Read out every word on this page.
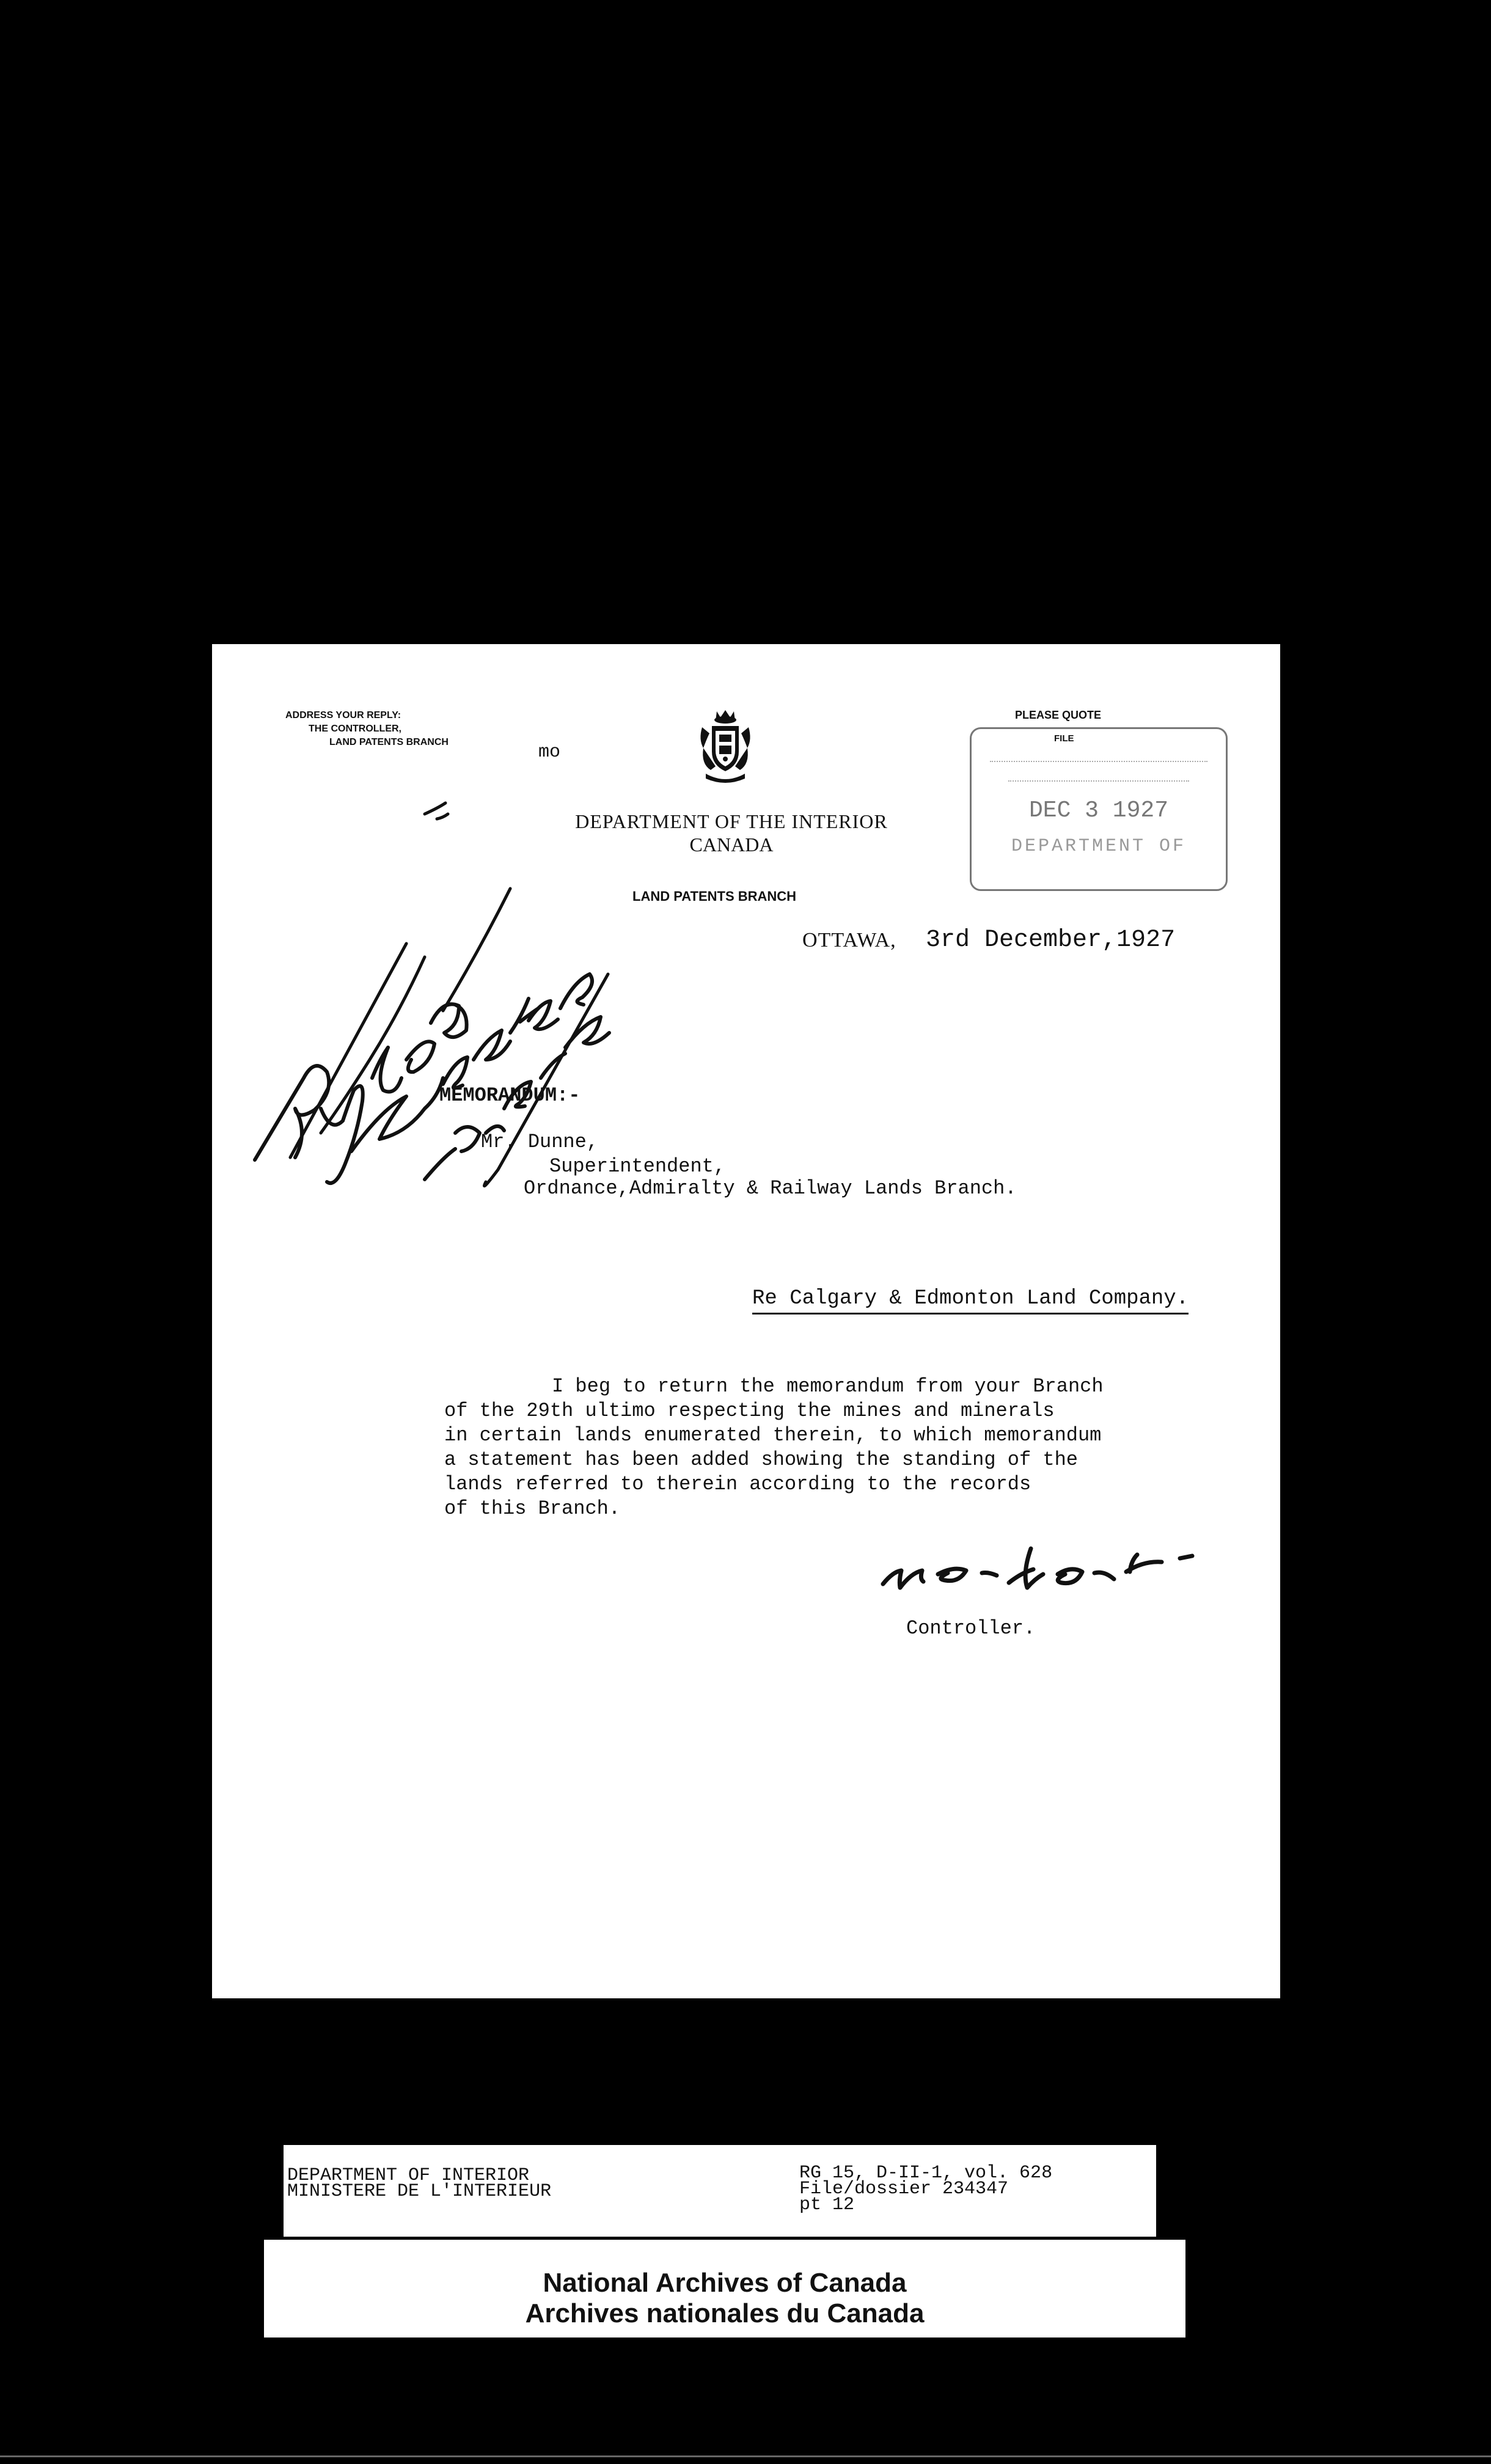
ADDRESS YOUR REPLY:
THE CONTROLLER,
LAND PATENTS BRANCH	mo
DEPARTMENT OF THE INTERIOR
CANADA
LAND PATENTS BRANCH
PLEASE QUOTE
FILE
DEC 3 1927
DEPARTMENT OF
OTTAWA, 3rd December,1927
MEMORANDUM:-
Mr. Dunne,
Superintendent,
Ordnance,Admiralty & Railway Lands Branch.
Re Calgary & Edmonton Land Company.
I beg to return the memorandum from your Branch
of the 29th ultimo respecting the mines and minerals
in certain lands enumerated therein, to which memorandum
a statement has been added showing the standing of the
lands referred to therein according to the records
of this Branch.
Controller.
DEPARTMENT OF INTERIOR
MINISTERE DE L'INTERIEUR
RG 15, D-II-1, vol. 628
File/dossier 234347
pt 12
National Archives of Canada
Archives nationales du Canada
